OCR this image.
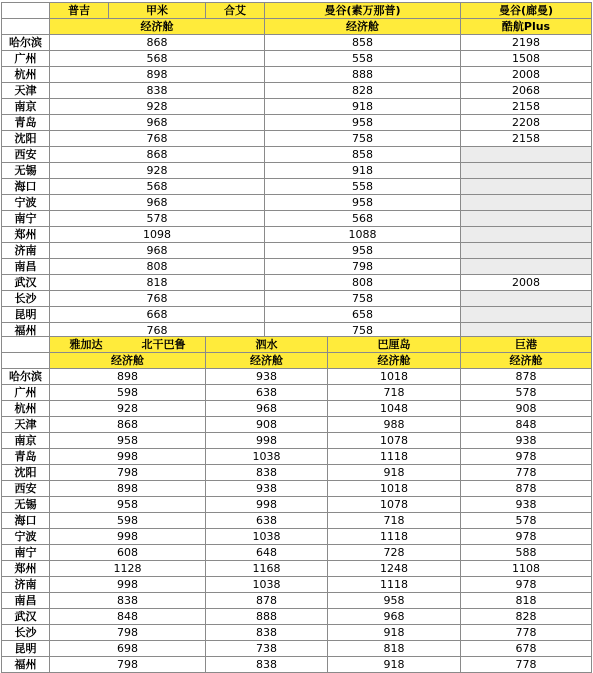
	普吉	甲米	合艾	曼谷(素万那普)	曼谷(廊曼)	
	经济舱			经济舱	酷航Plus	
哈尔滨	868			858	2198	
广州	568			558	1508	
杭州	898			888	2008	
天津	838			828	2068	
南京	928			918	2158	
青岛	968			958	2208	
沈阳	768			758	2158	
西安	868			858		
无锡	928			918		
海口	568			558		
宁波	968			958		
南宁	578			568		
郑州	1098			1088		
济南	968			958		
南昌	808			798		
武汉	818			808	2008	
长沙	768			758		
昆明	668			658		
福州	768			758		

	雅加达 北干巴鲁	泗水	巴厘岛	巨港
	经济舱	经济舱	经济舱	经济舱
哈尔滨	898	938	1018	878
广州	598	638	718	578
杭州	928	968	1048	908
天津	868	908	988	848
南京	958	998	1078	938
青岛	998	1038	1118	978
沈阳	798	838	918	778
西安	898	938	1018	878
无锡	958	998	1078	938
海口	598	638	718	578
宁波	998	1038	1118	978
南宁	608	648	728	588
郑州	1128	1168	1248	1108
济南	998	1038	1118	978
南昌	838	878	958	818
武汉	848	888	968	828
长沙	798	838	918	778
昆明	698	738	818	678
福州	798	838	918	778
